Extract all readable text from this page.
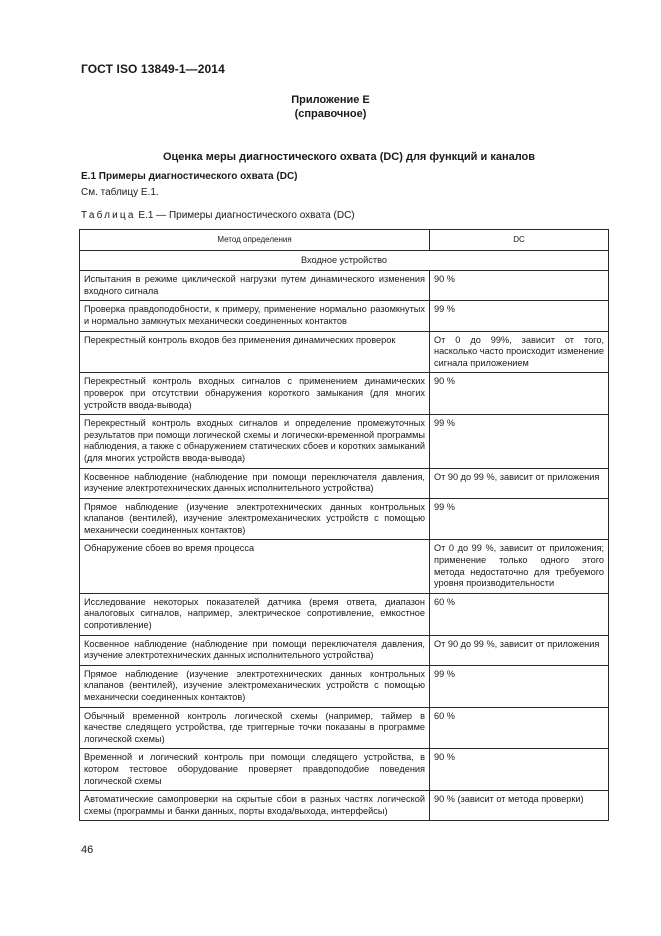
ГОСТ ISO 13849-1—2014
Приложение Е
(справочное)
Оценка меры диагностического охвата (DC) для функций и каналов
Е.1 Примеры диагностического охвата (DC)
См. таблицу Е.1.
Таблица Е.1 — Примеры диагностического охвата (DC)
Метод определения	DC
Входное устройство	
Испытания в режиме циклической нагрузки путем динамического изменения входного сигнала	90 %
Проверка правдоподобности, к примеру, применение нормально разомкнутых и нормально замкнутых механически соединенных контактов	99 %
Перекрестный контроль входов без применения динамических проверок	От 0 до 99%, зависит от того, насколько часто происходит изменение сигнала приложением
Перекрестный контроль входных сигналов с применением динамических проверок при отсутствии обнаружения короткого замыкания (для многих устройств ввода-вывода)	90 %
Перекрестный контроль входных сигналов и определение промежуточных результатов при помощи логической схемы и логически-временной программы наблюдения, а также с обнаружением статических сбоев и коротких замыканий (для многих устройств ввода-вывода)	99 %
Косвенное наблюдение (наблюдение при помощи переключателя давления, изучение электротехнических данных исполнительного устройства)	От 90 до 99 %, зависит от приложения
Прямое наблюдение (изучение электротехнических данных контрольных клапанов (вентилей), изучение электромеханических устройств с помощью механически соединенных контактов)	99 %
Обнаружение сбоев во время процесса	От 0 до 99 %, зависит от приложения; применение только одного этого метода недостаточно для требуемого уровня производительности
Исследование некоторых показателей датчика (время ответа, диапазон аналоговых сигналов, например, электрическое сопротивление, емкостное сопротивление)	60 %
Косвенное наблюдение (наблюдение при помощи переключателя давления, изучение электротехнических данных исполнительного устройства)	От 90 до 99 %, зависит от приложения
Прямое наблюдение (изучение электротехнических данных контрольных клапанов (вентилей), изучение электромеханических устройств с помощью механически соединенных контактов)	99 %
Обычный временной контроль логической схемы (например, таймер в качестве следящего устройства, где триггерные точки показаны в программе логической схемы)	60 %
Временной и логический контроль при помощи следящего устройства, в котором тестовое оборудование проверяет правдоподобие поведения логической схемы	90 %
Автоматические самопроверки на скрытые сбои в разных частях логической схемы (программы и банки данных, порты входа/выхода, интерфейсы)	90 % (зависит от метода проверки)
46
